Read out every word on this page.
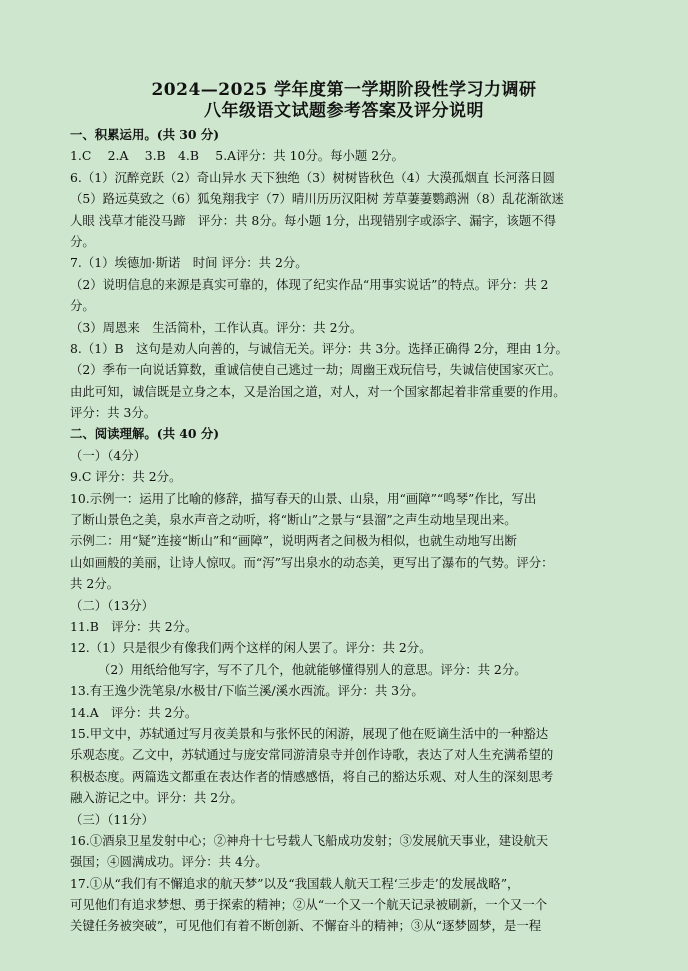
2024—2025 学年度第一学期阶段性学习力调研
八年级语文试题参考答案及评分说明
一、积累运用。(共 30 分)
1.C　 2.A　 3.B　4.B　 5.A评分：共 10分。每小题 2分。
6.（1）沉醉竞跃（2）奇山异水 天下独绝（3）树树皆秋色（4）大漠孤烟直 长河落日圆
（5）路远莫致之（6）狐兔翔我宇（7）晴川历历汉阳树 芳草萋萋鹦鹉洲（8）乱花渐欲迷
人眼 浅草才能没马蹄　评分：共 8分。每小题 1分，出现错别字或添字、漏字，该题不得
分。
7.（1）埃德加·斯诺　时间 评分：共 2分。
（2）说明信息的来源是真实可靠的，体现了纪实作品“用事实说话”的特点。评分：共 2
分。
（3）周恩来　生活简朴，工作认真。评分：共 2分。
8.（1）B　这句是劝人向善的，与诚信无关。评分：共 3分。选择正确得 2分，理由 1分。
（2）季布一向说话算数，重诚信使自己逃过一劫；周幽王戏玩信号，失诚信使国家灭亡。
由此可知，诚信既是立身之本，又是治国之道，对人，对一个国家都起着非常重要的作用。
评分：共 3分。
二、阅读理解。(共 40 分)
（一）（4分）
9.C 评分：共 2分。
10.示例一：运用了比喻的修辞，描写春天的山景、山泉，用“画障”“鸣琴”作比，写出
了断山景色之美，泉水声音之动听，将“断山”之景与“县溜”之声生动地呈现出来。
示例二：用“疑”连接“断山”和“画障”，说明两者之间极为相似，也就生动地写出断
山如画般的美丽，让诗人惊叹。而“泻”写出泉水的动态美，更写出了瀑布的气势。评分：
共 2分。
（二）（13分）
11.B　评分：共 2分。
12.（1）只是很少有像我们两个这样的闲人罢了。评分：共 2分。
（2）用纸给他写字，写不了几个，他就能够懂得别人的意思。评分：共 2分。
13.有王逸少洗笔泉/水极甘/下临兰溪/溪水西流。评分：共 3分。
14.A　评分：共 2分。
15.甲文中，苏轼通过写月夜美景和与张怀民的闲游，展现了他在贬谪生活中的一种豁达
乐观态度。乙文中，苏轼通过与庞安常同游清泉寺并创作诗歌，表达了对人生充满希望的
积极态度。两篇选文都重在表达作者的情感感悟，将自己的豁达乐观、对人生的深刻思考
融入游记之中。评分：共 2分。
（三）（11分）
16.①酒泉卫星发射中心；②神舟十七号载人飞船成功发射；③发展航天事业，建设航天
强国；④圆满成功。评分：共 4分。
17.①从“我们有不懈追求的航天梦”以及“我国载人航天工程‘三步走’的发展战略”，
可见他们有追求梦想、勇于探索的精神；②从“一个又一个航天记录被刷新，一个又一个
关键任务被突破”，可见他们有着不断创新、不懈奋斗的精神；③从“逐梦圆梦，是一程
